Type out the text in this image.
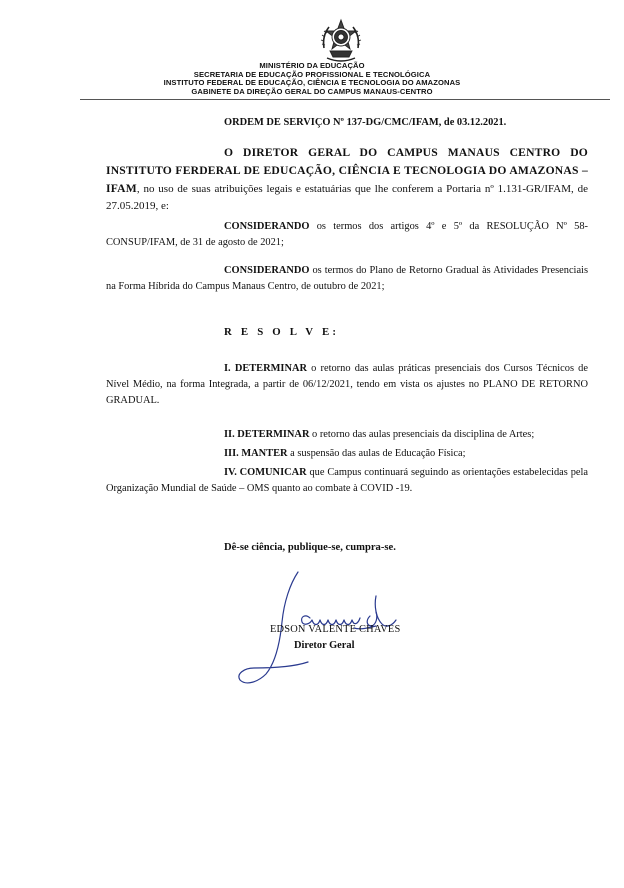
MINISTÉRIO DA EDUCAÇÃO
SECRETARIA DE EDUCAÇÃO PROFISSIONAL E TECNOLÓGICA
INSTITUTO FEDERAL DE EDUCAÇÃO, CIÊNCIA E TECNOLOGIA DO AMAZONAS
GABINETE DA DIREÇÃO GERAL DO CAMPUS MANAUS-CENTRO
ORDEM DE SERVIÇO Nº 137-DG/CMC/IFAM, de 03.12.2021.
O DIRETOR GERAL DO CAMPUS MANAUS CENTRO DO INSTITUTO FERDERAL DE EDUCAÇÃO, CIÊNCIA E TECNOLOGIA DO AMAZONAS – IFAM, no uso de suas atribuições legais e estatuárias que lhe conferem a Portaria nº 1.131-GR/IFAM, de 27.05.2019, e:
CONSIDERANDO os termos dos artigos 4º e 5º da RESOLUÇÃO Nº 58-CONSUP/IFAM, de 31 de agosto de 2021;
CONSIDERANDO os termos do Plano de Retorno Gradual às Atividades Presenciais na Forma Híbrida do Campus Manaus Centro, de outubro de 2021;
R E S O L V E:
I. DETERMINAR o retorno das aulas práticas presenciais dos Cursos Técnicos de Nível Médio, na forma Integrada, a partir de 06/12/2021, tendo em vista os ajustes no PLANO DE RETORNO GRADUAL.
II. DETERMINAR o retorno das aulas presenciais da disciplina de Artes;
III. MANTER a suspensão das aulas de Educação Física;
IV. COMUNICAR que Campus continuará seguindo as orientações estabelecidas pela Organização Mundial de Saúde – OMS quanto ao combate à COVID -19.
Dê-se ciência, publique-se, cumpra-se.
EDSON VALENTE CHAVES
Diretor Geral
